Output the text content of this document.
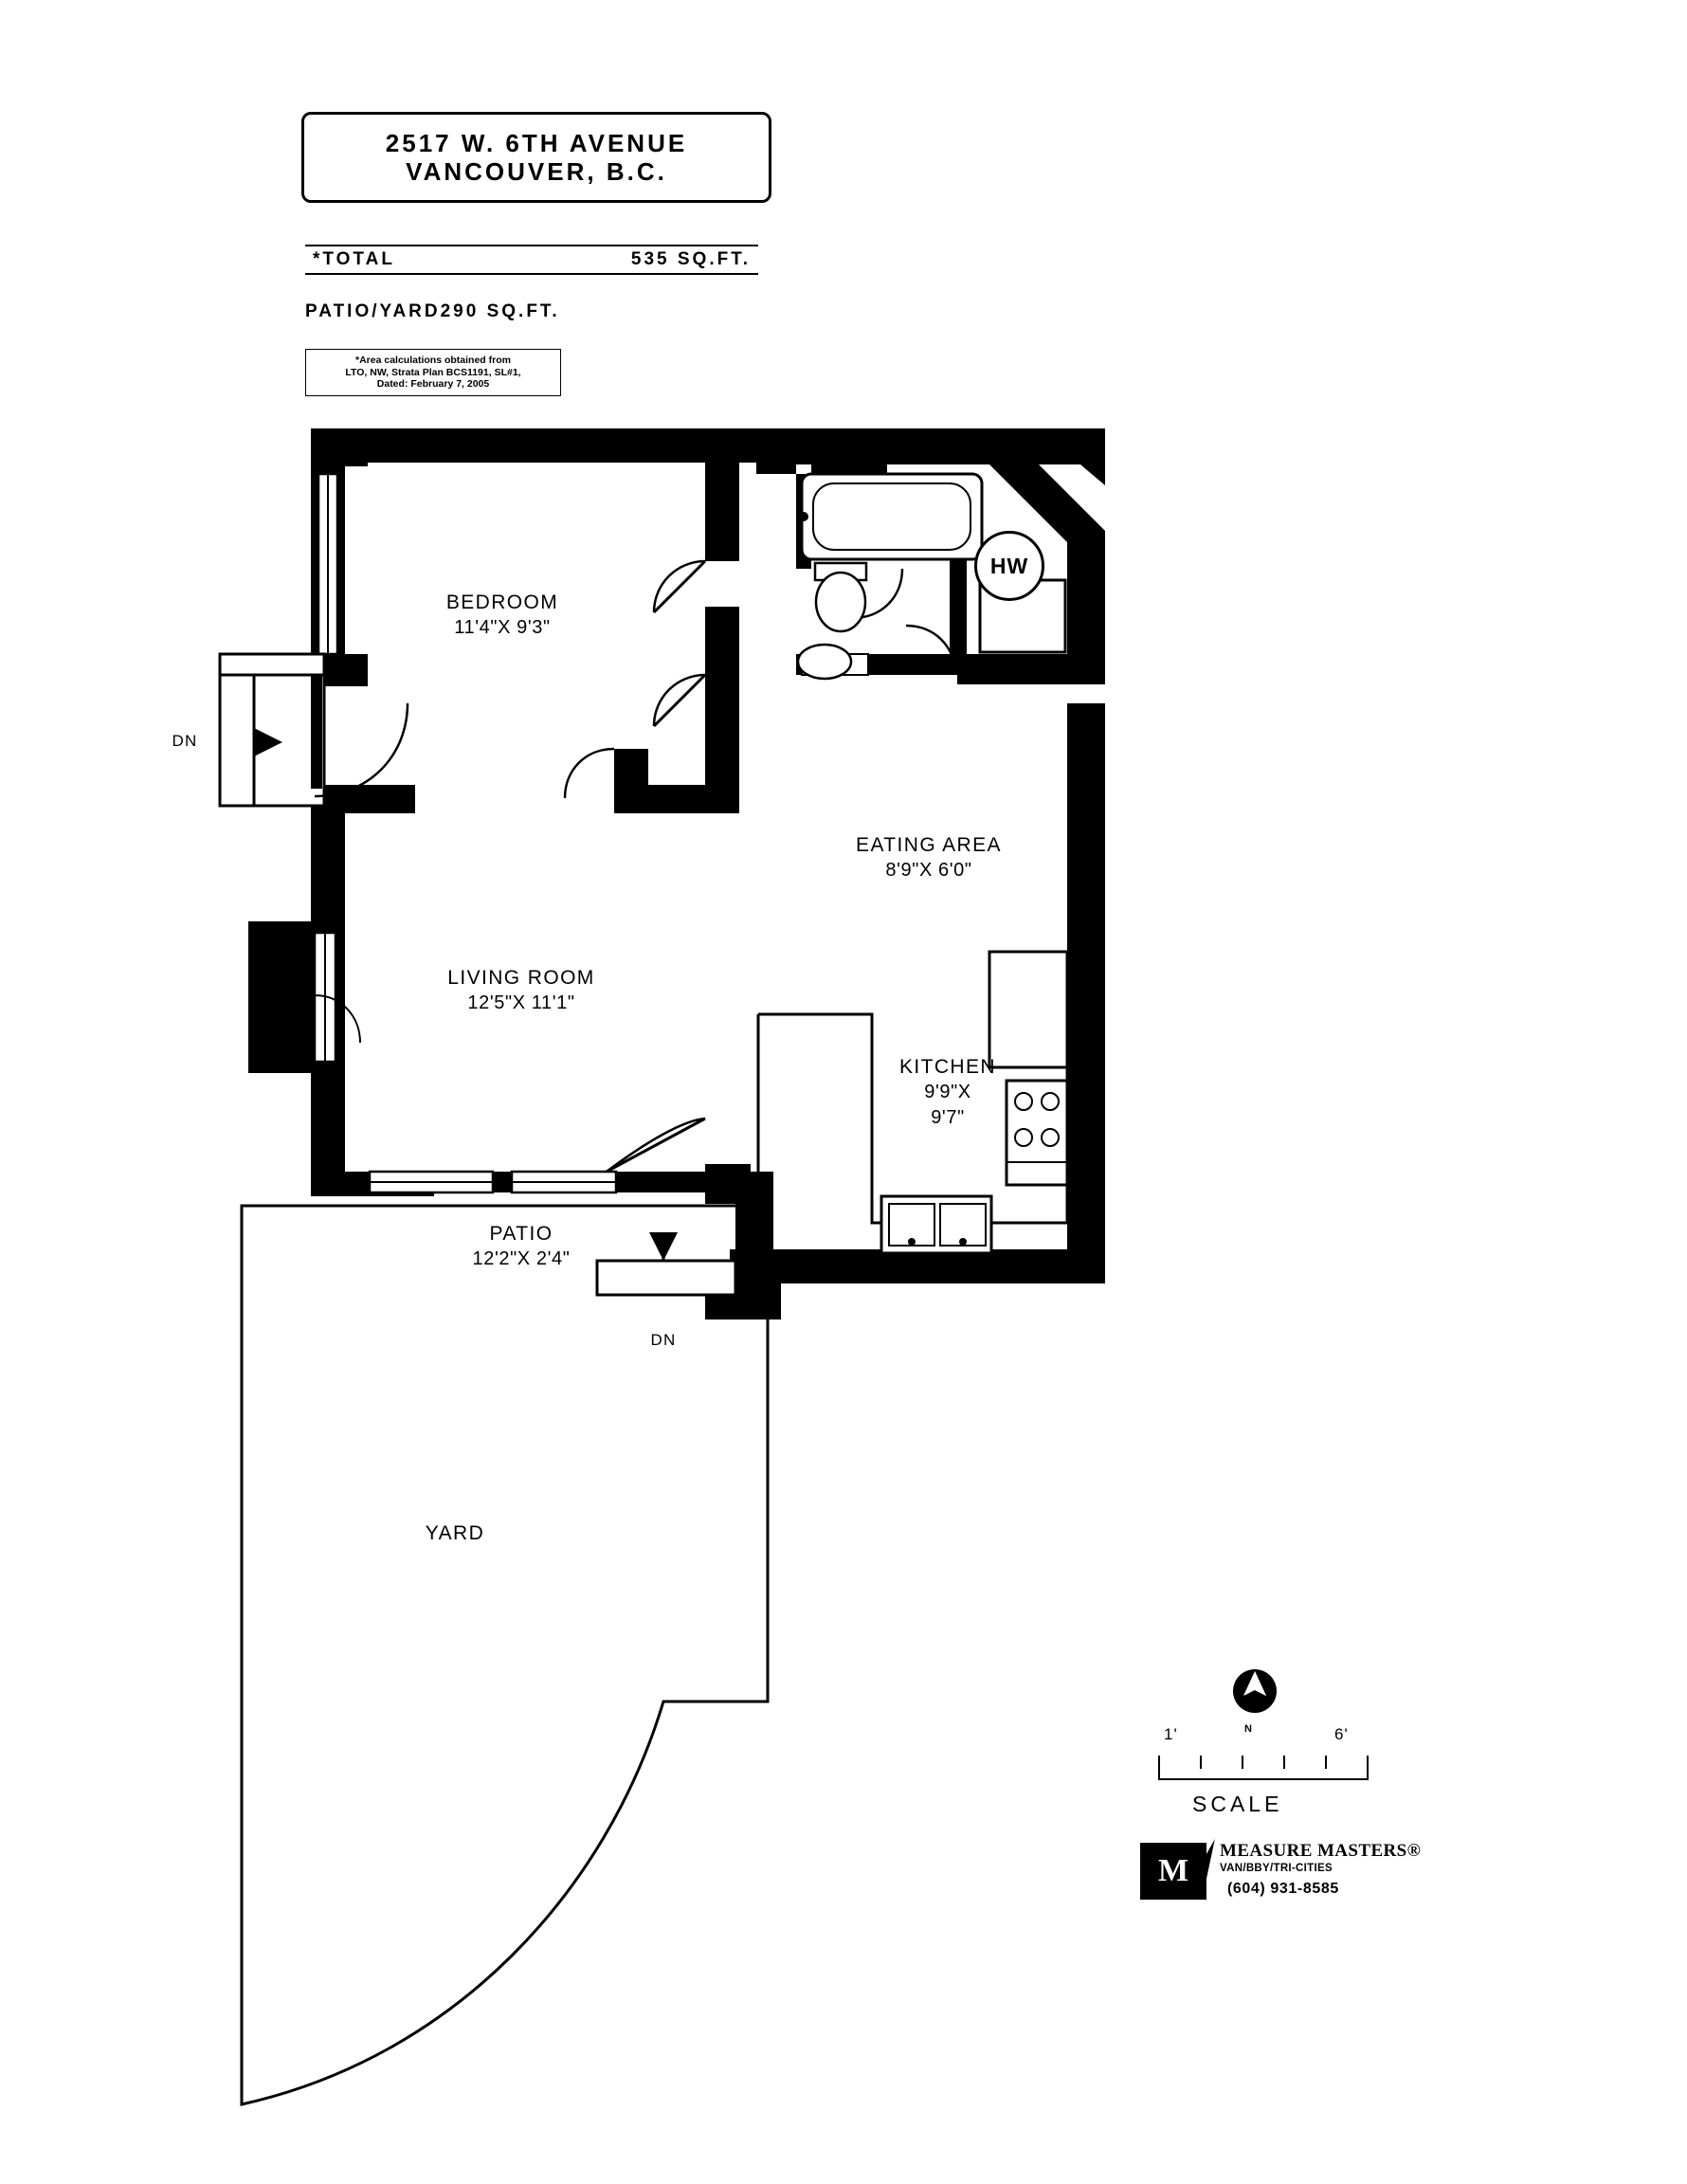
2517 W. 6TH AVENUE
VANCOUVER, B.C.
*TOTAL	535 SQ.FT.
PATIO/YARD 290 SQ.FT.
*Area calculations obtained from
LTO, NW, Strata Plan BCS1191, SL#1,
Dated: February 7, 2005
HW
BEDROOM
11'4"X 9'3"
LIVING ROOM
12'5"X 11'1"
EATING AREA
8'9"X 6'0"
KITCHEN
9'9"X
9'7"
PATIO
12'2"X 2'4"
YARD
DN
DN
N
1'	6'
SCALE
M
MEASURE MASTERS®
VAN/BBY/TRI-CITIES
(604) 931-8585
DRAWN: AUG 2005
